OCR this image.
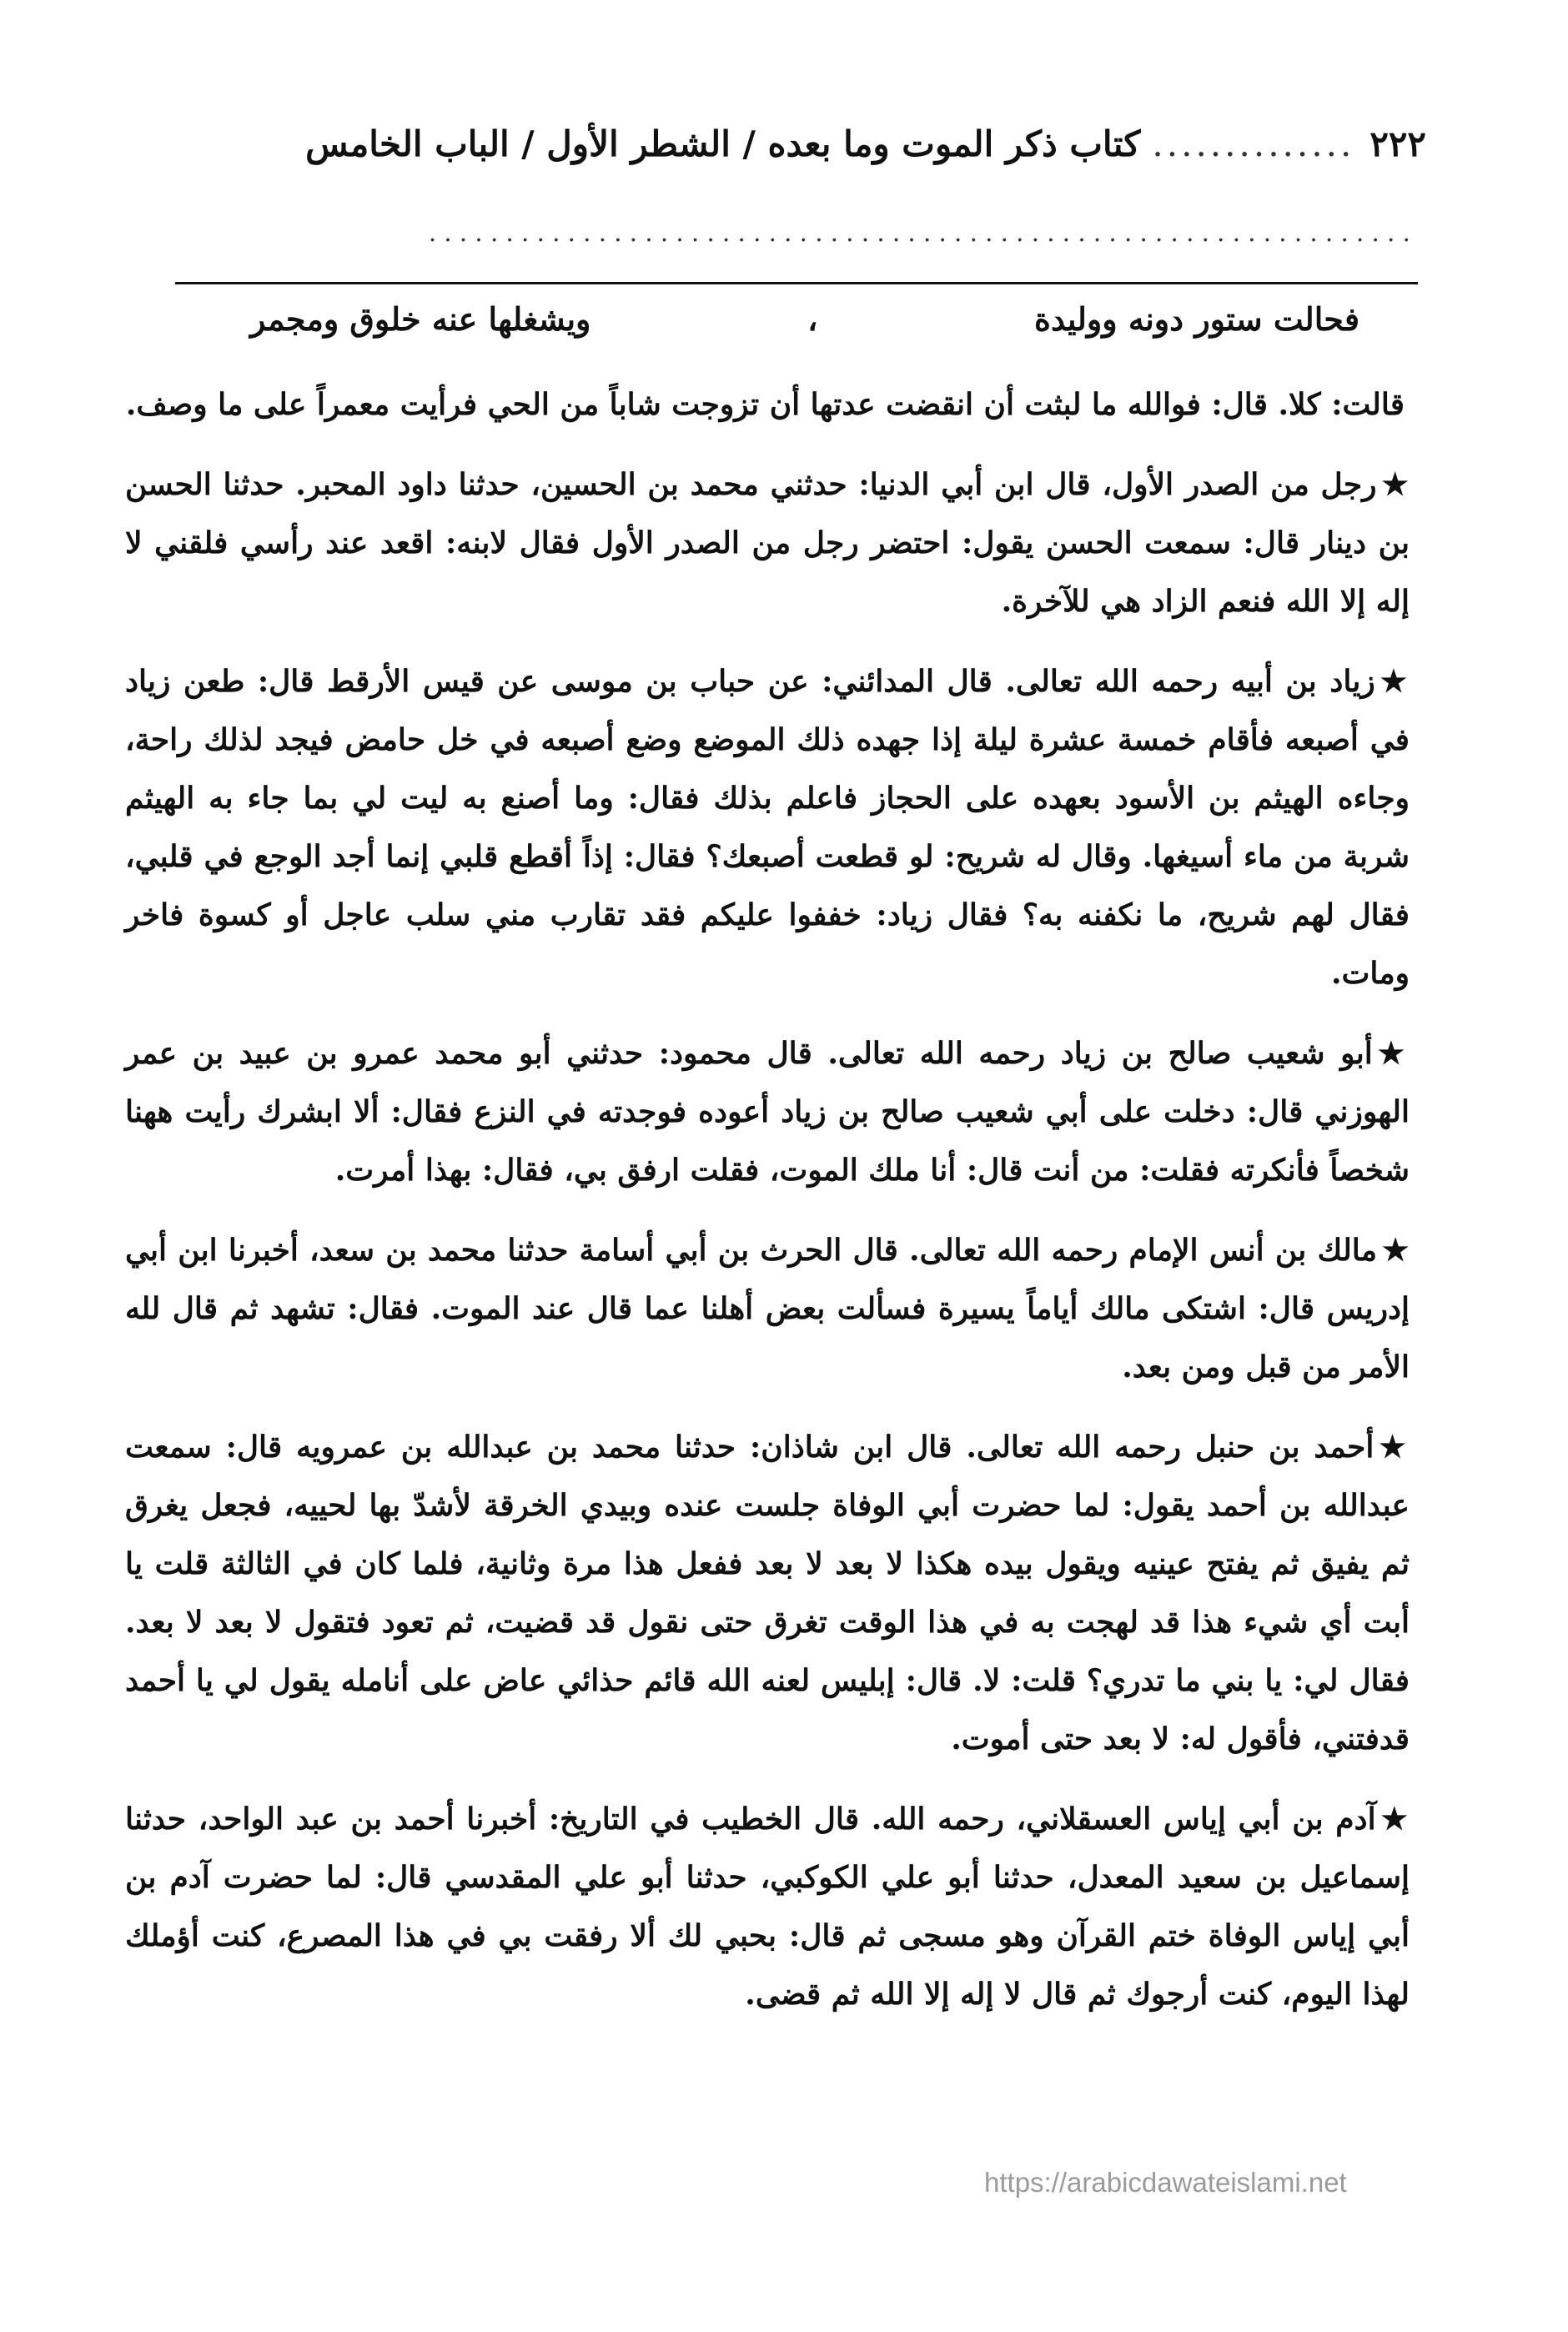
٢٢٢
..............
كتاب ذكر الموت وما بعده / الشطر الأول / الباب الخامس
................................................................
فحالت ستور دونه ووليدة
،
ويشغلها عنه خلوق ومجمر

قالت: كلا. قال: فوالله ما لبثت أن انقضت عدتها أن تزوجت شاباً من الحي فرأيت معمراً على ما وصف.

★رجل من الصدر الأول، قال ابن أبي الدنيا: حدثني محمد بن الحسين، حدثنا داود المحبر. حدثنا الحسن بن دينار قال: سمعت الحسن يقول: احتضر رجل من الصدر الأول فقال لابنه: اقعد عند رأسي فلقني لا إله إلا الله فنعم الزاد هي للآخرة.

★زياد بن أبيه رحمه الله تعالى. قال المدائني: عن حباب بن موسى عن قيس الأرقط قال: طعن زياد في أصبعه فأقام خمسة عشرة ليلة إذا جهده ذلك الموضع وضع أصبعه في خل حامض فيجد لذلك راحة، وجاءه الهيثم بن الأسود بعهده على الحجاز فاعلم بذلك فقال: وما أصنع به ليت لي بما جاء به الهيثم شربة من ماء أسيغها. وقال له شريح: لو قطعت أصبعك؟ فقال: إذاً أقطع قلبي إنما أجد الوجع في قلبي، فقال لهم شريح، ما نكفنه به؟ فقال زياد: خففوا عليكم فقد تقارب مني سلب عاجل أو كسوة فاخر ومات.

★أبو شعيب صالح بن زياد رحمه الله تعالى. قال محمود: حدثني أبو محمد عمرو بن عبيد بن عمر الهوزني قال: دخلت على أبي شعيب صالح بن زياد أعوده فوجدته في النزع فقال: ألا ابشرك رأيت ههنا شخصاً فأنكرته فقلت: من أنت قال: أنا ملك الموت، فقلت ارفق بي، فقال: بهذا أمرت.

★مالك بن أنس الإمام رحمه الله تعالى. قال الحرث بن أبي أسامة حدثنا محمد بن سعد، أخبرنا ابن أبي إدريس قال: اشتكى مالك أياماً يسيرة فسألت بعض أهلنا عما قال عند الموت. فقال: تشهد ثم قال لله الأمر من قبل ومن بعد.

★أحمد بن حنبل رحمه الله تعالى. قال ابن شاذان: حدثنا محمد بن عبدالله بن عمرويه قال: سمعت عبدالله بن أحمد يقول: لما حضرت أبي الوفاة جلست عنده وبيدي الخرقة لأشدّ بها لحييه، فجعل يغرق ثم يفيق ثم يفتح عينيه ويقول بيده هكذا لا بعد لا بعد ففعل هذا مرة وثانية، فلما كان في الثالثة قلت يا أبت أي شيء هذا قد لهجت به في هذا الوقت تغرق حتى نقول قد قضيت، ثم تعود فتقول لا بعد لا بعد. فقال لي: يا بني ما تدري؟ قلت: لا. قال: إبليس لعنه الله قائم حذائي عاض على أنامله يقول لي يا أحمد قدفتني، فأقول له: لا بعد حتى أموت.

★آدم بن أبي إياس العسقلاني، رحمه الله. قال الخطيب في التاريخ: أخبرنا أحمد بن عبد الواحد، حدثنا إسماعيل بن سعيد المعدل، حدثنا أبو علي الكوكبي، حدثنا أبو علي المقدسي قال: لما حضرت آدم بن أبي إياس الوفاة ختم القرآن وهو مسجى ثم قال: بحبي لك ألا رفقت بي في هذا المصرع، كنت أؤملك لهذا اليوم، كنت أرجوك ثم قال لا إله إلا الله ثم قضى.

https://arabicdawateislami.net
